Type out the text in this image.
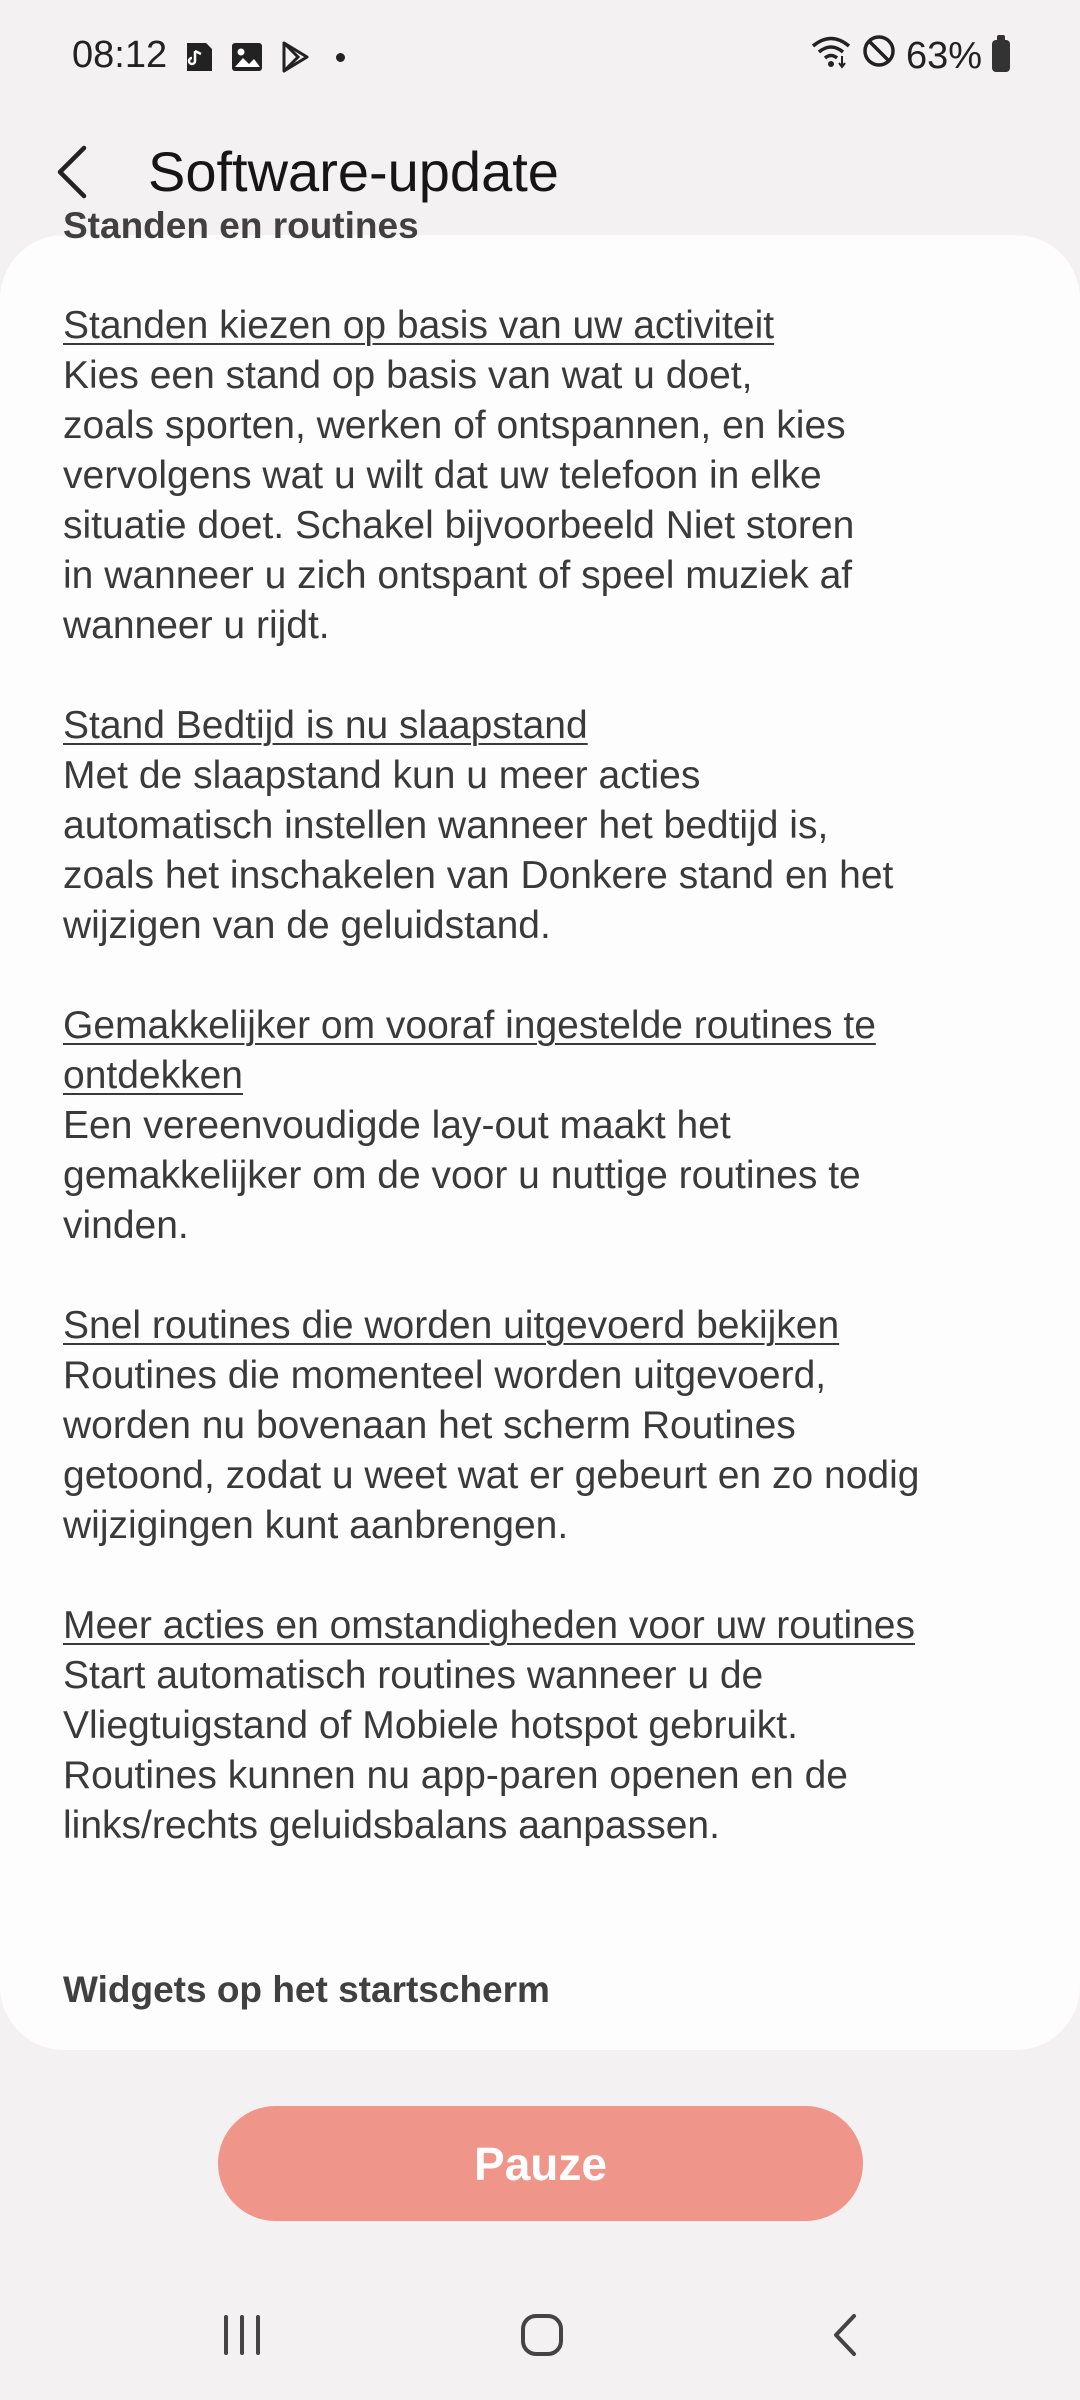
08:12	63%
Software-update

Standen en routines

Standen kiezen op basis van uw activiteit

Kies een stand op basis van wat u doet,
zoals sporten, werken of ontspannen, en kies
vervolgens wat u wilt dat uw telefoon in elke
situatie doet. Schakel bijvoorbeeld Niet storen
in wanneer u zich ontspant of speel muziek af
wanneer u rijdt.

Stand Bedtijd is nu slaapstand

Met de slaapstand kun u meer acties
automatisch instellen wanneer het bedtijd is,
zoals het inschakelen van Donkere stand en het
wijzigen van de geluidstand.

Gemakkelijker om vooraf ingestelde routines te
ontdekken

Een vereenvoudigde lay-out maakt het
gemakkelijker om de voor u nuttige routines te
vinden.

Snel routines die worden uitgevoerd bekijken

Routines die momenteel worden uitgevoerd,
worden nu bovenaan het scherm Routines
getoond, zodat u weet wat er gebeurt en zo nodig
wijzigingen kunt aanbrengen.

Meer acties en omstandigheden voor uw routines

Start automatisch routines wanneer u de
Vliegtuigstand of Mobiele hotspot gebruikt.
Routines kunnen nu app-paren openen en de
links/rechts geluidsbalans aanpassen.

Widgets op het startscherm

Pauze
